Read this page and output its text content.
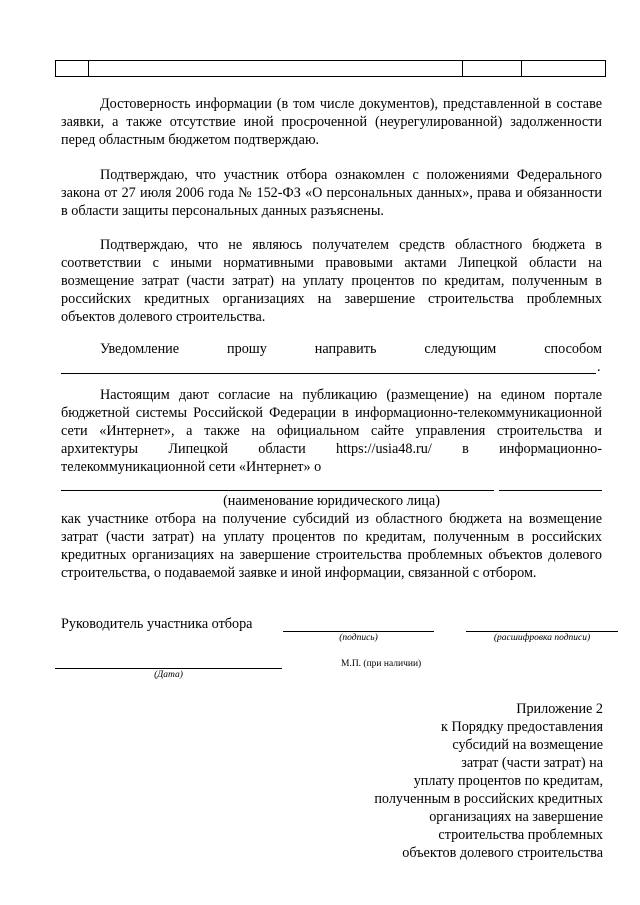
Достоверность информации (в том числе документов), представленной в составе заявки, а также отсутствие иной просроченной (неурегулированной) задолженности перед областным бюджетом подтверждаю.
Подтверждаю, что участник отбора ознакомлен с положениями Федерального закона от 27 июля 2006 года № 152-ФЗ «О персональных данных», права и обязанности в области защиты персональных данных разъяснены.
Подтверждаю, что не являюсь получателем средств областного бюджета в соответствии с иными нормативными правовыми актами Липецкой области на возмещение затрат (части затрат) на уплату процентов по кредитам, полученным в российских кредитных организациях на завершение строительства проблемных объектов долевого строительства.
Уведомление	прошу	направить	следующим	способом
.
Настоящим дают согласие на публикацию (размещение) на едином портале бюджетной системы Российской Федерации в информационно-телекоммуникационной сети «Интернет», а также на официальном сайте управления строительства и архитектуры Липецкой области https://usia48.ru/ в информационно-телекоммуникационной сети «Интернет» о
(наименование юридического лица)
как участнике отбора на получение субсидий из областного бюджета на возмещение затрат (части затрат) на уплату процентов по кредитам, полученным в российских кредитных организациях на завершение строительства проблемных объектов долевого строительства, о подаваемой заявке и иной информации, связанной с отбором.
Руководитель участника отбора
(подпись)	(расшифровка подписи)
М.П. (при наличии)
(Дата)
Приложение 2
к Порядку предоставления
субсидий на возмещение
затрат (части затрат) на
уплату процентов по кредитам,
полученным в российских кредитных
организациях на завершение
строительства проблемных
объектов долевого строительства
